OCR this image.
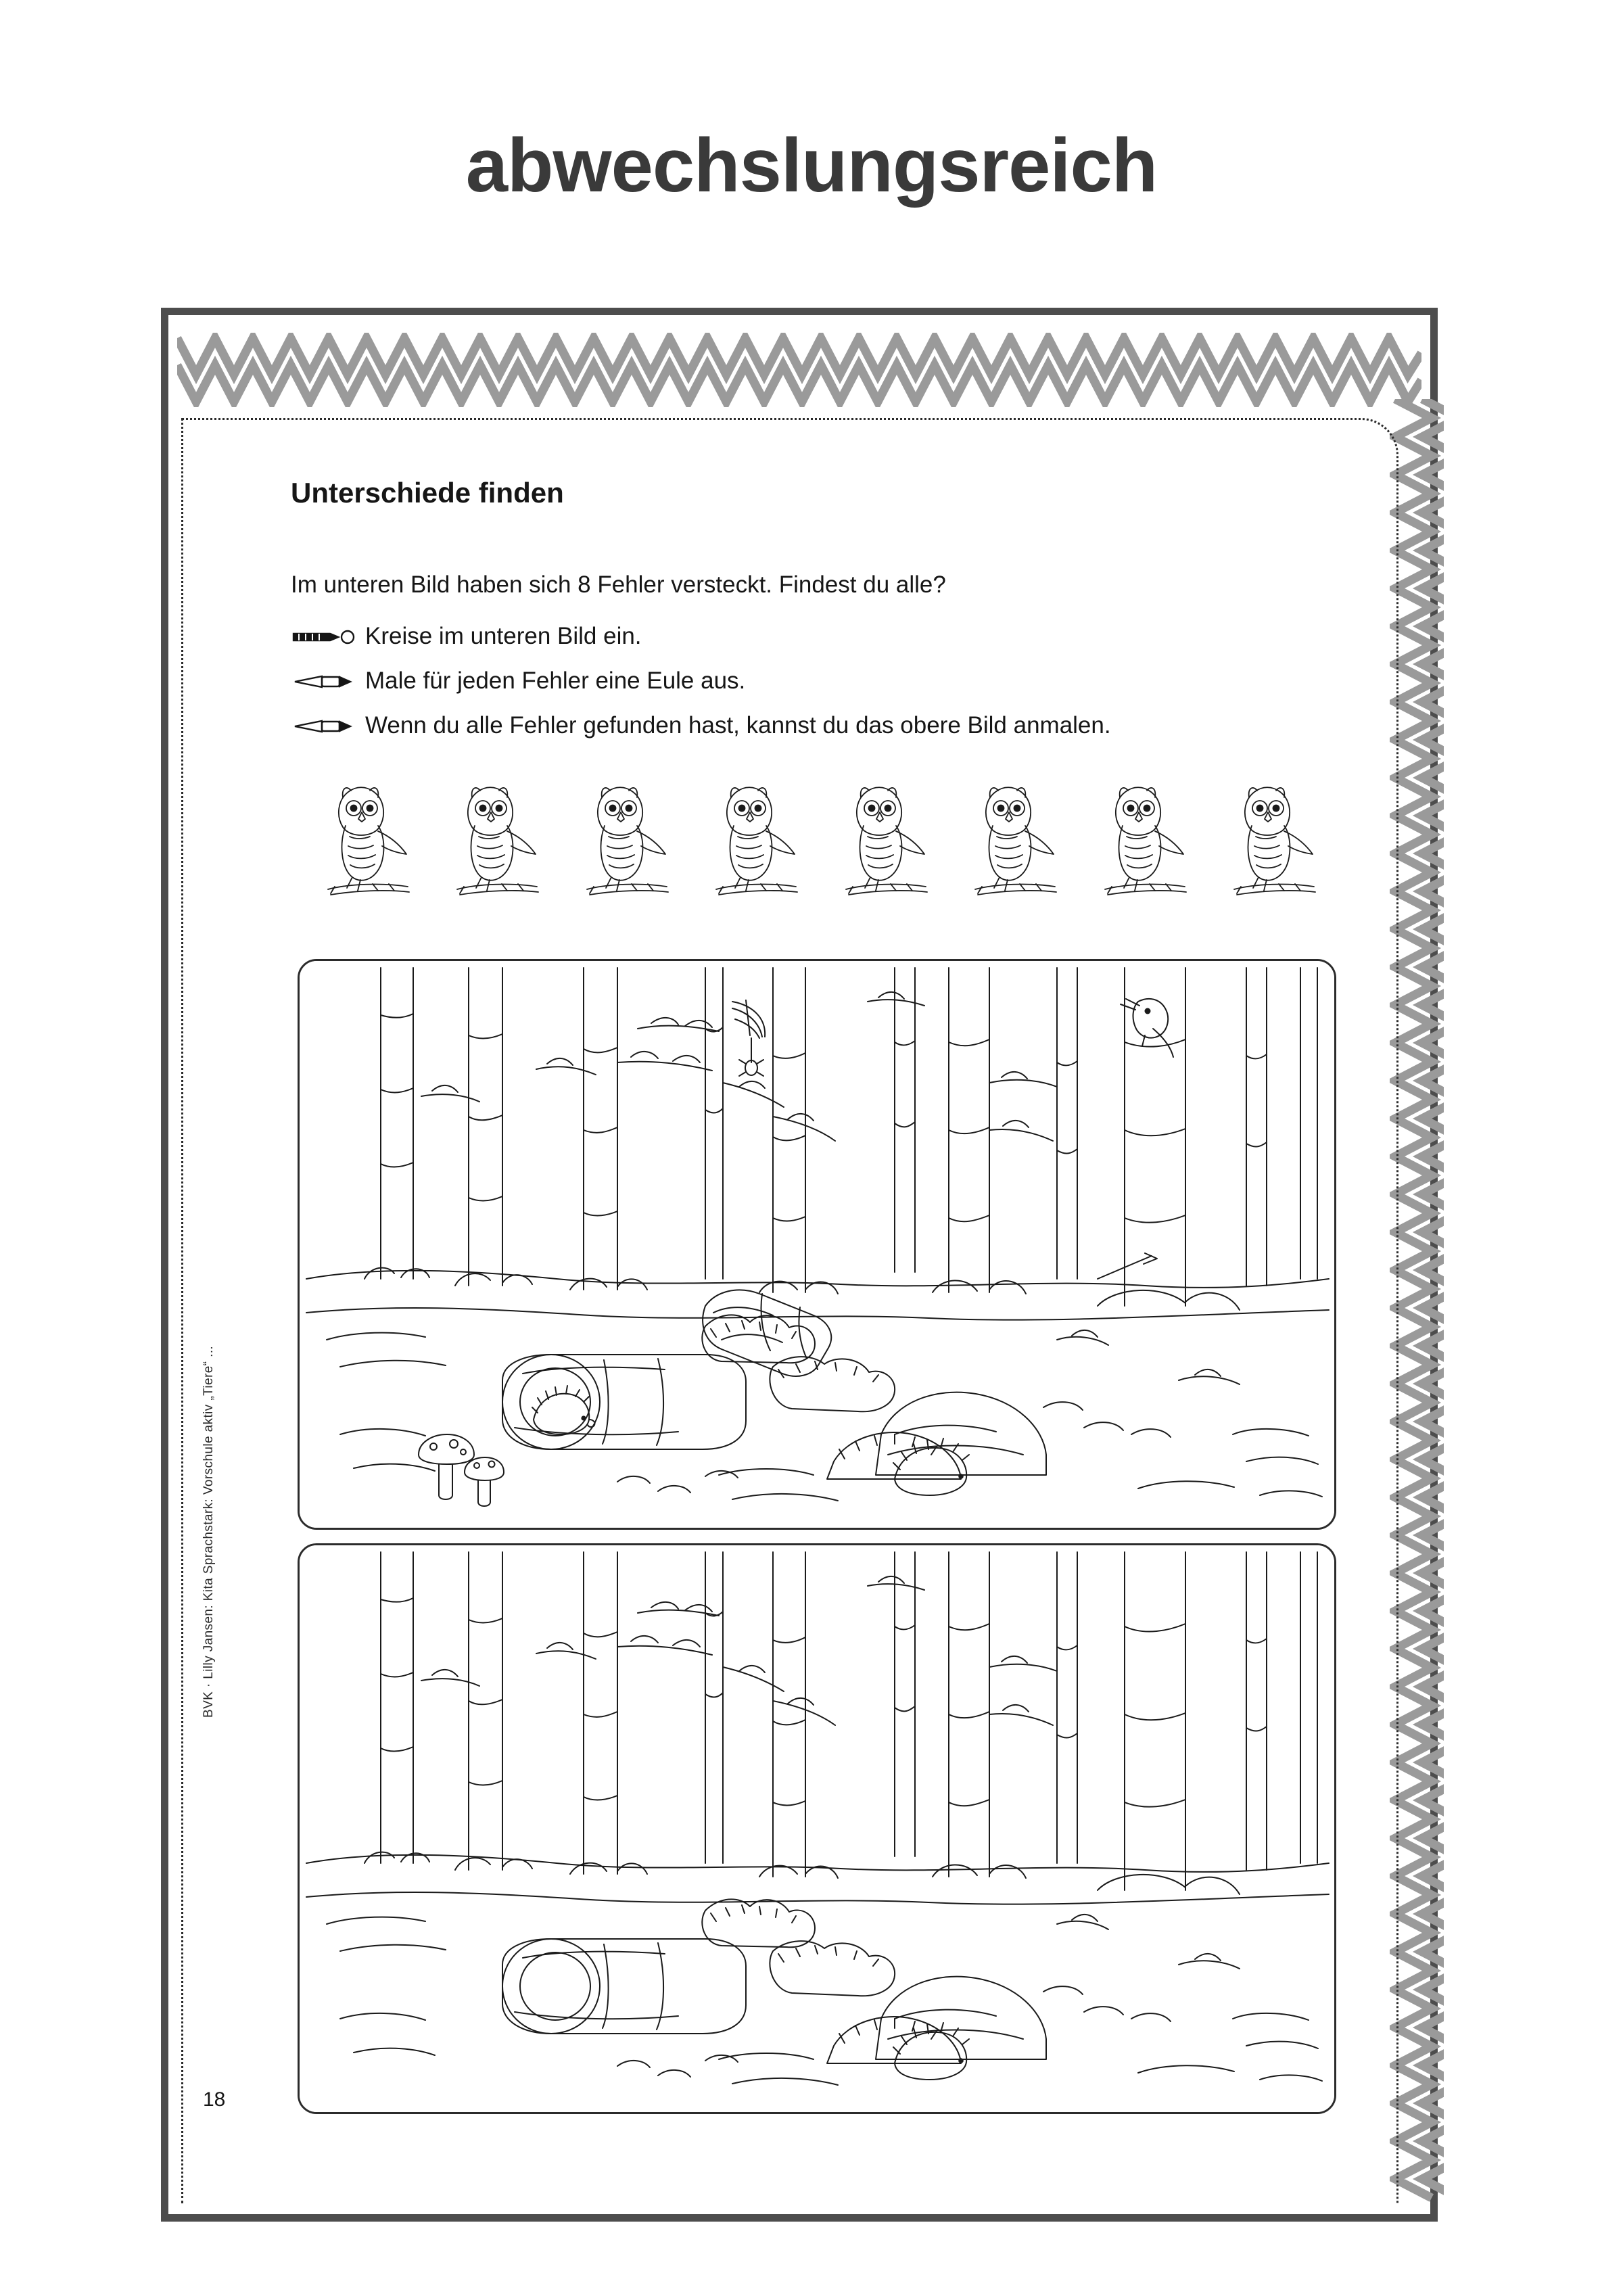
abwechslungsreich
Unterschiede finden
Im unteren Bild haben sich 8 Fehler versteckt. Findest du alle?
Kreise im unteren Bild ein.
Male für jeden Fehler eine Eule aus.
Wenn du alle Fehler gefunden hast, kannst du das obere Bild anmalen.
BVK · Lilly Jansen: Kita Sprachstark: Vorschule aktiv „Tiere“ ...
18
